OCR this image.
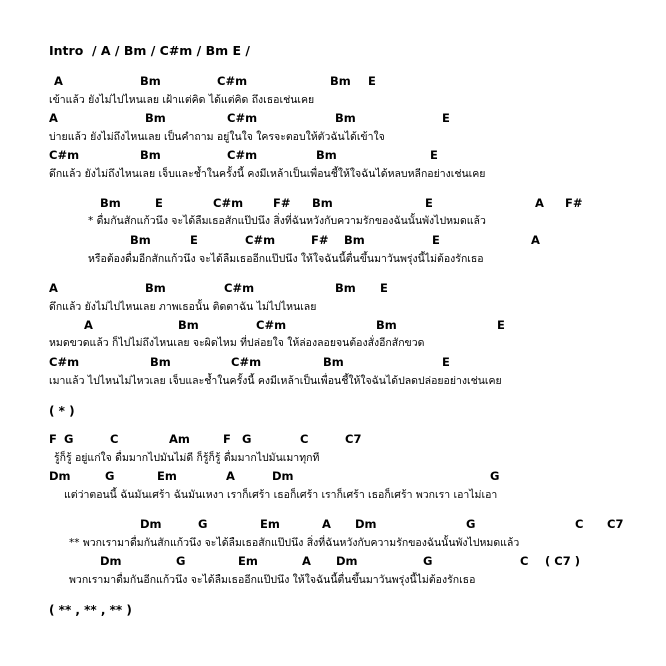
Intro  / A / Bm / C#m / Bm E /
A	Bm	C#m	Bm E
เข้าแล้ว ยังไม่ไปไหนเลย เฝ้าแต่คิด ได้แต่คิด ถึงเธอเช่นเคย
A	Bm	C#m	Bm	E
บ่ายแล้ว ยังไม่ถึงไหนเลย เป็นคำถาม อยู่ในใจ ใครจะตอบให้ตัวฉันได้เข้าใจ
C#m	Bm	C#m	Bm	E
ดึกแล้ว ยังไม่ถึงไหนเลย เจ็บและช้ำในครั้งนี้ คงมีเหล้าเป็นเพื่อนชี้ให้ใจฉันได้หลบหลีกอย่างเช่นเคย
Bm	E	C#m	F# Bm	E	A F#
* ดื่มกันสักแก้วนึง จะได้ลืมเธอสักแป๊ปนึง สิ่งที่ฉันหวังกับความรักของฉันนั้นพังไปหมดแล้ว
Bm	E	C#m	F# Bm	E	A
หรือต้องดื่มอีกสักแก้วนึง จะได้ลืมเธออีกแป๊ปนึง ให้ใจฉันนี้ตื่นขึ้นมาวันพรุ่งนี้ไม่ต้องรักเธอ
A	Bm	C#m	Bm E
ดึกแล้ว ยังไม่ไปไหนเลย ภาพเธอนั้น ติดตาฉัน ไม่ไปไหนเลย
A	Bm	C#m	Bm	E
หมดขวดแล้ว ก็ไปไม่ถึงไหนเลย จะผิดไหม ที่ปล่อยใจ ให้ล่องลอยจนต้องสั่งอีกสักขวด
C#m	Bm	C#m	Bm	E
เมาแล้ว ไปไหนไม่ไหวเลย เจ็บและช้ำในครั้งนี้ คงมีเหล้าเป็นเพื่อนชี้ให้ใจฉันได้ปลดปล่อยอย่างเช่นเคย
( * )
F G	C	Am	F G	C	C7
รู้ก็รู้ อยู่แก่ใจ ดื่มมากไปมันไม่ดี ก็รู้ก็รู้ ดื่มมากไปมันเมาทุกที
Dm	G	Em	A	Dm	G
แต่ว่าตอนนี้ ฉันมันเศร้า ฉันมันเหงา เราก็เศร้า เธอก็เศร้า เราก็เศร้า เธอก็เศร้า พวกเรา เอาไม่เอา
Dm	G	Em	A Dm	G	C C7
** พวกเรามาดื่มกันสักแก้วนึง จะได้ลืมเธอสักแป๊ปนึง สิ่งที่ฉันหวังกับความรักของฉันนั้นพังไปหมดแล้ว
Dm	G	Em	A Dm	G	C ( C7 )
พวกเรามาดื่มกันอีกแก้วนึง จะได้ลืมเธออีกแป๊ปนึง ให้ใจฉันนี้ตื่นขึ้นมาวันพรุ่งนี้ไม่ต้องรักเธอ
( ** , ** , ** )
